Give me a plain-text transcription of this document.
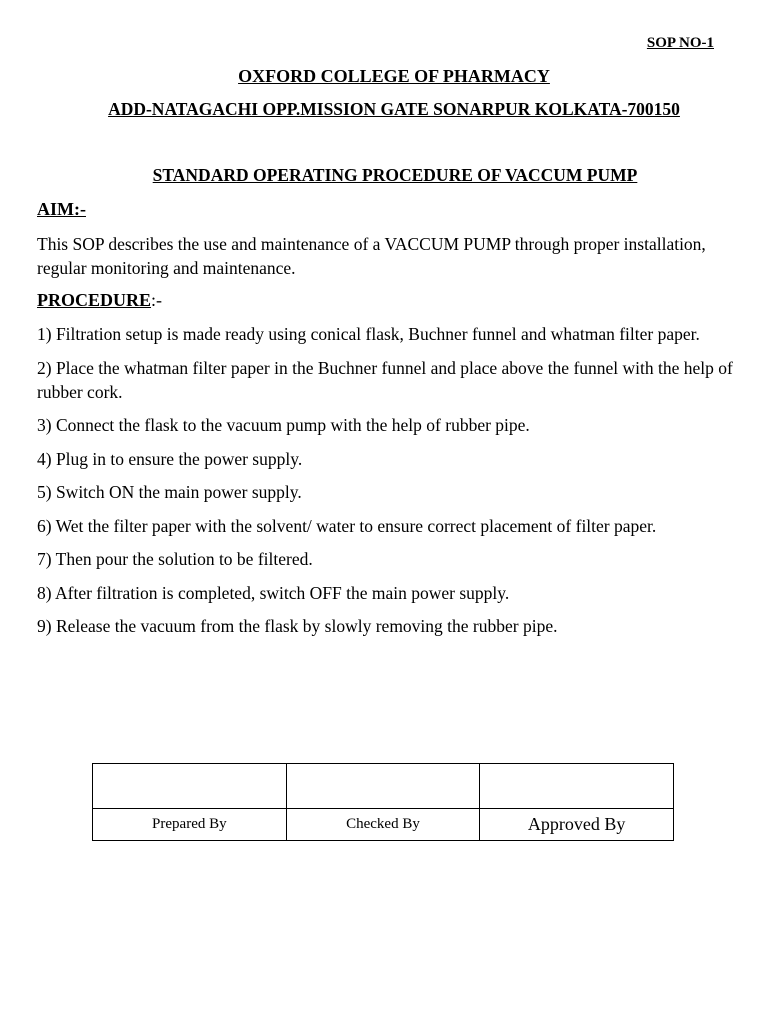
SOP NO-1
OXFORD COLLEGE OF PHARMACY
ADD-NATAGACHI OPP.MISSION GATE SONARPUR KOLKATA-700150
STANDARD OPERATING PROCEDURE OF VACCUM PUMP
AIM:-
This SOP describes the use and maintenance of a VACCUM PUMP through proper installation, regular monitoring and maintenance.
PROCEDURE:-
1) Filtration setup is made ready using conical flask, Buchner funnel and whatman filter paper.
2) Place the whatman filter paper in the Buchner funnel and place above the funnel with the help of rubber cork.
3) Connect the flask to the vacuum pump with the help of rubber pipe.
4) Plug in to ensure the power supply.
5) Switch ON the main power supply.
6) Wet the filter paper with the solvent/ water to ensure correct placement of filter paper.
7) Then pour the solution to be filtered.
8) After filtration is completed, switch OFF the main power supply.
9) Release the vacuum from the flask by slowly removing the rubber pipe.

Prepared By	Checked By	Approved By
